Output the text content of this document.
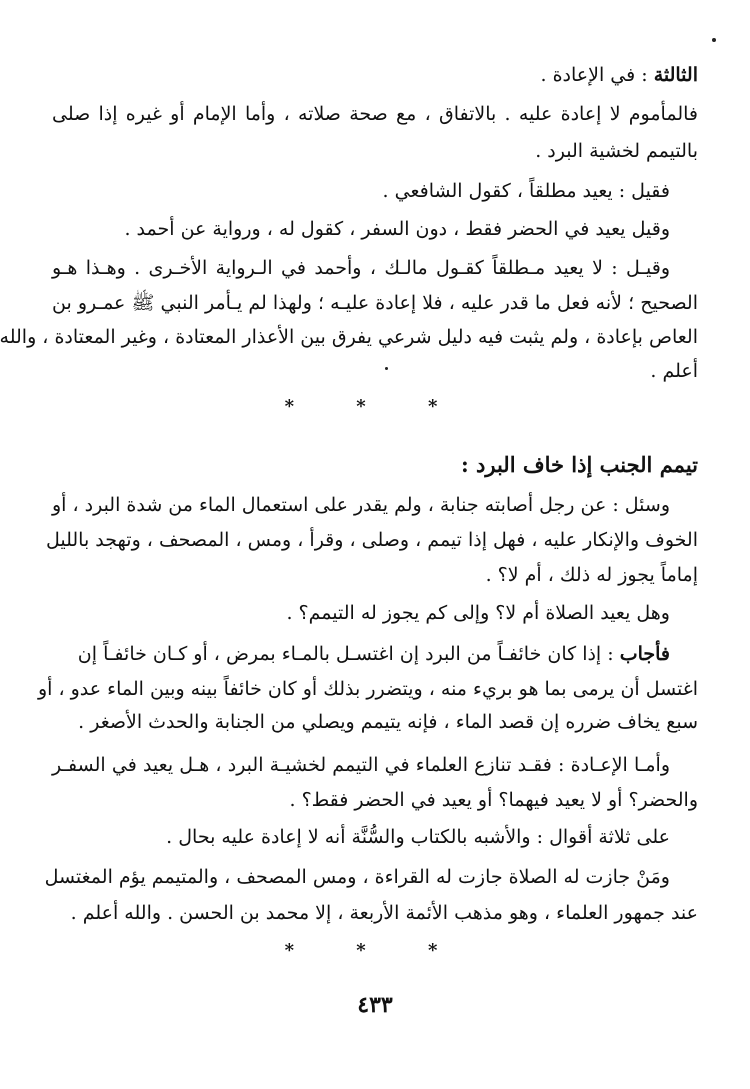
الثالثة : في الإعادة .
فالمأموم لا إعادة عليه . بالاتفاق ، مع صحة صلاته ، وأما الإمام أو غيره إذا صلى
بالتيمم لخشية البرد .
فقيل : يعيد مطلقاً ، كقول الشافعي .
وقيل يعيد في الحضر فقط ، دون السفر ، كقول له ، ورواية عن أحمد .
وقيـل : لا يعيد مـطلقاً كقـول مالـك ، وأحمد في الـرواية الأخـرى . وهـذا هـو
الصحيح ؛ لأنه فعل ما قدر عليه ، فلا إعادة عليـه ؛ ولهذا لم يـأمر النبي ﷺ عمـرو بن
العاص بإعادة ، ولم يثبت فيه دليل شرعي يفرق بين الأعذار المعتادة ، وغير المعتادة ، والله
أعلم .
* * *
تيمم الجنب إذا خاف البرد :
وسئل : عن رجل أصابته جنابة ، ولم يقدر على استعمال الماء من شدة البرد ، أو
الخوف والإنكار عليه ، فهل إذا تيمم ، وصلى ، وقرأ ، ومس ، المصحف ، وتهجد بالليل
إماماً يجوز له ذلك ، أم لا؟ .
وهل يعيد الصلاة أم لا؟ وإلى كم يجوز له التيمم؟ .
فأجاب : إذا كان خائفـاً من البرد إن اغتسـل بالمـاء بمرض ، أو كـان خائفـاً إن
اغتسل أن يرمى بما هو بريء منه ، ويتضرر بذلك أو كان خائفاً بينه وبين الماء عدو ، أو
سبع يخاف ضرره إن قصد الماء ، فإنه يتيمم ويصلي من الجنابة والحدث الأصغر .
وأمـا الإعـادة : فقـد تنازع العلماء في التيمم لخشيـة البرد ، هـل يعيد في السفـر
والحضر؟ أو لا يعيد فيهما؟ أو يعيد في الحضر فقط؟ .
على ثلاثة أقوال : والأشبه بالكتاب والسُّنَّة أنه لا إعادة عليه بحال .
ومَنْ جازت له الصلاة جازت له القراءة ، ومس المصحف ، والمتيمم يؤم المغتسل
عند جمهور العلماء ، وهو مذهب الأئمة الأربعة ، إلا محمد بن الحسن . والله أعلم .
* * *
٤٣٣
